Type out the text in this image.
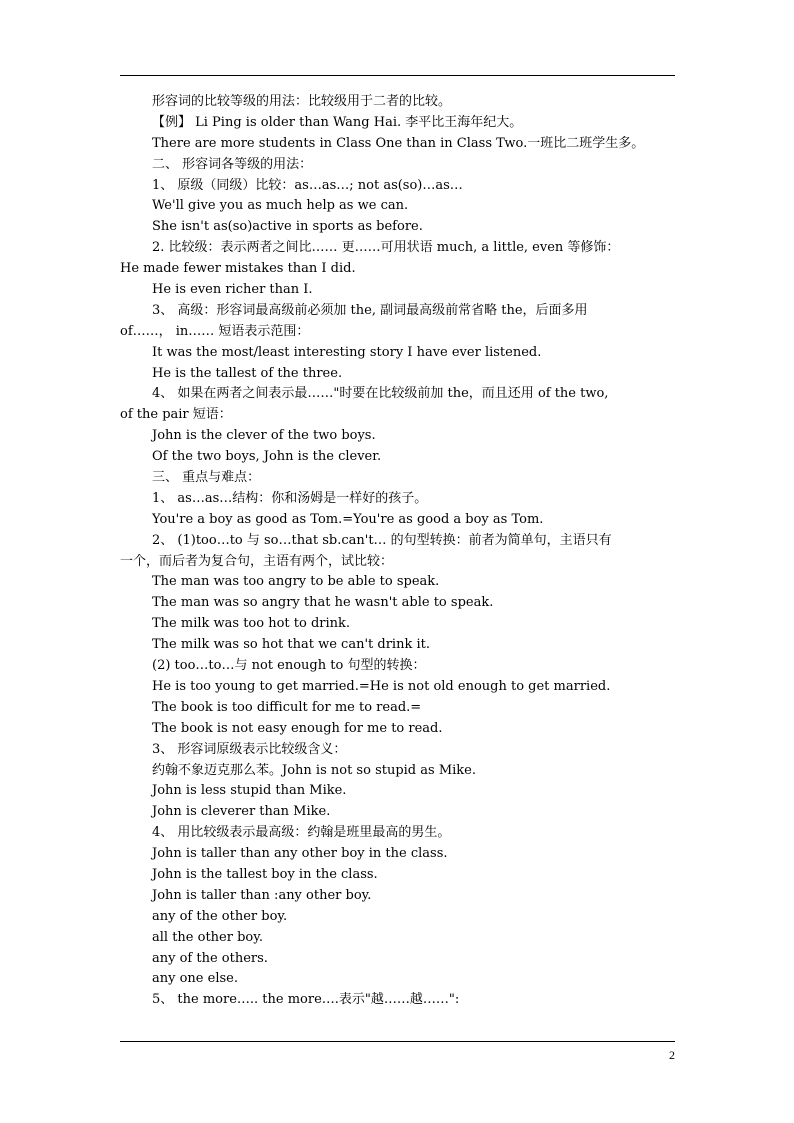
形容词的比较等级的用法：比较级用于二者的比较。
【例】 Li Ping is older than Wang Hai. 李平比王海年纪大。
There are more students in Class One than in Class Two.一班比二班学生多。
二、 形容词各等级的用法：
1、 原级（同级）比较：as…as…; not as(so)…as…
We'll give you as much help as we can.
She isn't as(so)active in sports as before.
2. 比较级：表示两者之间比…… 更……可用状语 much, a little, even 等修饰：
He made fewer mistakes than I did.
He is even richer than I.
3、 高级：形容词最高级前必须加 the, 副词最高级前常省略 the，后面多用
of……， in…… 短语表示范围：
It was the most/least interesting story I have ever listened.
He is the tallest of the three.
4、 如果在两者之间表示最……"时要在比较级前加 the，而且还用 of the two,
of the pair 短语：
John is the clever of the two boys.
Of the two boys, John is the clever.
三、 重点与难点：
1、 as…as…结构：你和汤姆是一样好的孩子。
You're a boy as good as Tom.=You're as good a boy as Tom.
2、 (1)too…to 与 so…that sb.can't… 的句型转换：前者为简单句，主语只有
一个，而后者为复合句，主语有两个，试比较：
The man was too angry to be able to speak.
The man was so angry that he wasn't able to speak.
The milk was too hot to drink.
The milk was so hot that we can't drink it.
(2) too…to…与 not enough to 句型的转换：
He is too young to get married.=He is not old enough to get married.
The book is too difficult for me to read.=
The book is not easy enough for me to read.
3、 形容词原级表示比较级含义：
约翰不象迈克那么苯。John is not so stupid as Mike.
John is less stupid than Mike.
John is cleverer than Mike.
4、 用比较级表示最高级：约翰是班里最高的男生。
John is taller than any other boy in the class.
John is the tallest boy in the class.
John is taller than :any other boy.
any of the other boy.
all the other boy.
any of the others.
any one else.
5、 the more….. the more….表示"越……越……":
2
